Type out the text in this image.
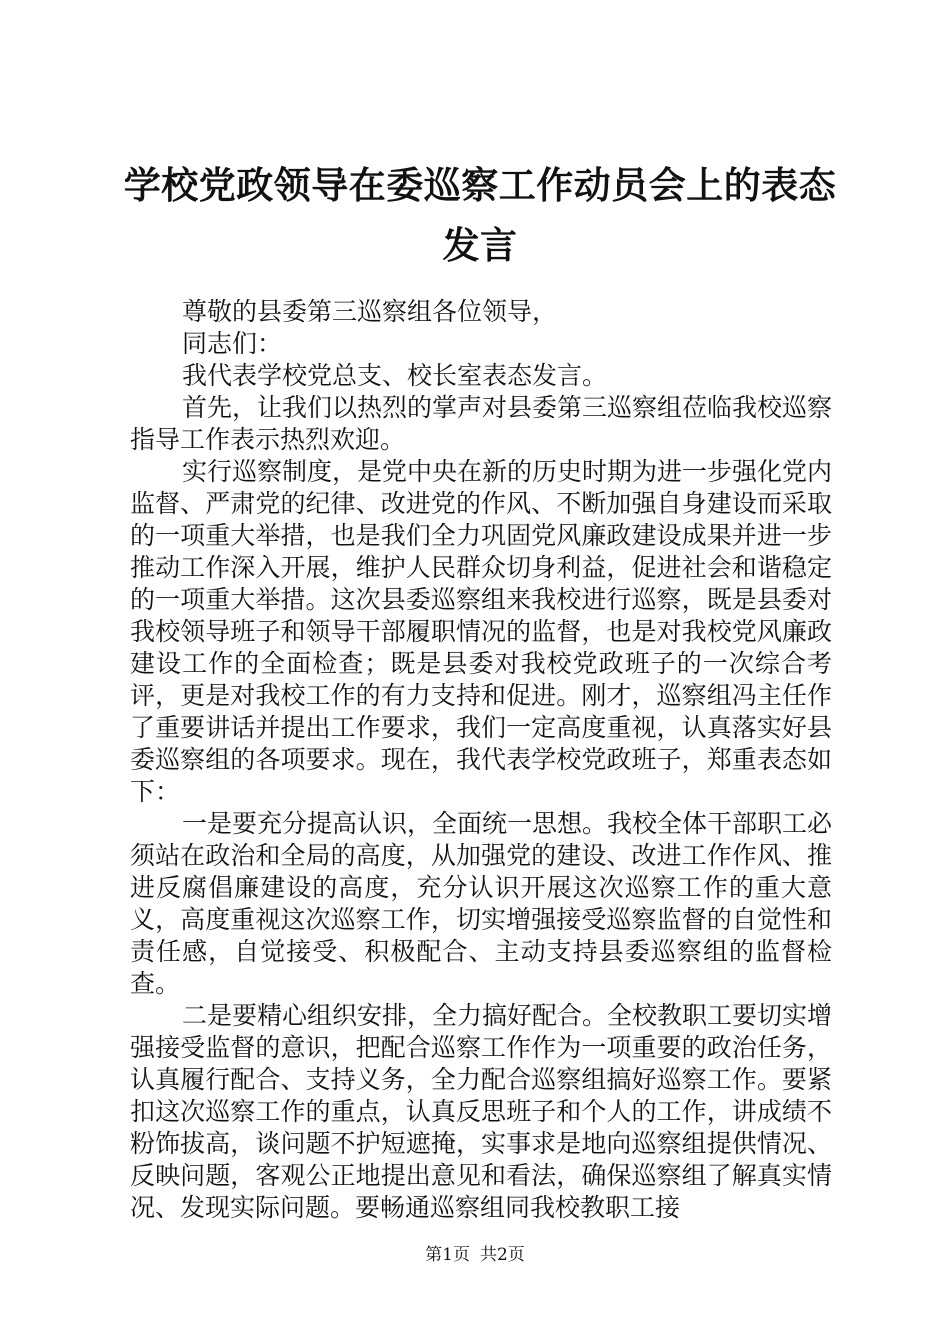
学校党政领导在委巡察工作动员会上的表态发言

尊敬的县委第三巡察组各位领导，

同志们：

我代表学校党总支、校长室表态发言。

首先，让我们以热烈的掌声对县委第三巡察组莅临我校巡察指导工作表示热烈欢迎。

实行巡察制度，是党中央在新的历史时期为进一步强化党内监督、严肃党的纪律、改进党的作风、不断加强自身建设而采取的一项重大举措，也是我们全力巩固党风廉政建设成果并进一步推动工作深入开展，维护人民群众切身利益，促进社会和谐稳定的一项重大举措。这次县委巡察组来我校进行巡察，既是县委对我校领导班子和领导干部履职情况的监督，也是对我校党风廉政建设工作的全面检查；既是县委对我校党政班子的一次综合考评，更是对我校工作的有力支持和促进。刚才，巡察组冯主任作了重要讲话并提出工作要求，我们一定高度重视，认真落实好县委巡察组的各项要求。现在，我代表学校党政班子，郑重表态如下：

一是要充分提高认识，全面统一思想。我校全体干部职工必须站在政治和全局的高度，从加强党的建设、改进工作作风、推进反腐倡廉建设的高度，充分认识开展这次巡察工作的重大意义，高度重视这次巡察工作，切实增强接受巡察监督的自觉性和责任感，自觉接受、积极配合、主动支持县委巡察组的监督检查。

二是要精心组织安排，全力搞好配合。全校教职工要切实增强接受监督的意识，把配合巡察工作作为一项重要的政治任务，认真履行配合、支持义务，全力配合巡察组搞好巡察工作。要紧扣这次巡察工作的重点，认真反思班子和个人的工作，讲成绩不粉饰拔高，谈问题不护短遮掩，实事求是地向巡察组提供情况、反映问题，客观公正地提出意见和看法，确保巡察组了解真实情况、发现实际问题。要畅通巡察组同我校教职工接

第1页 共2页
